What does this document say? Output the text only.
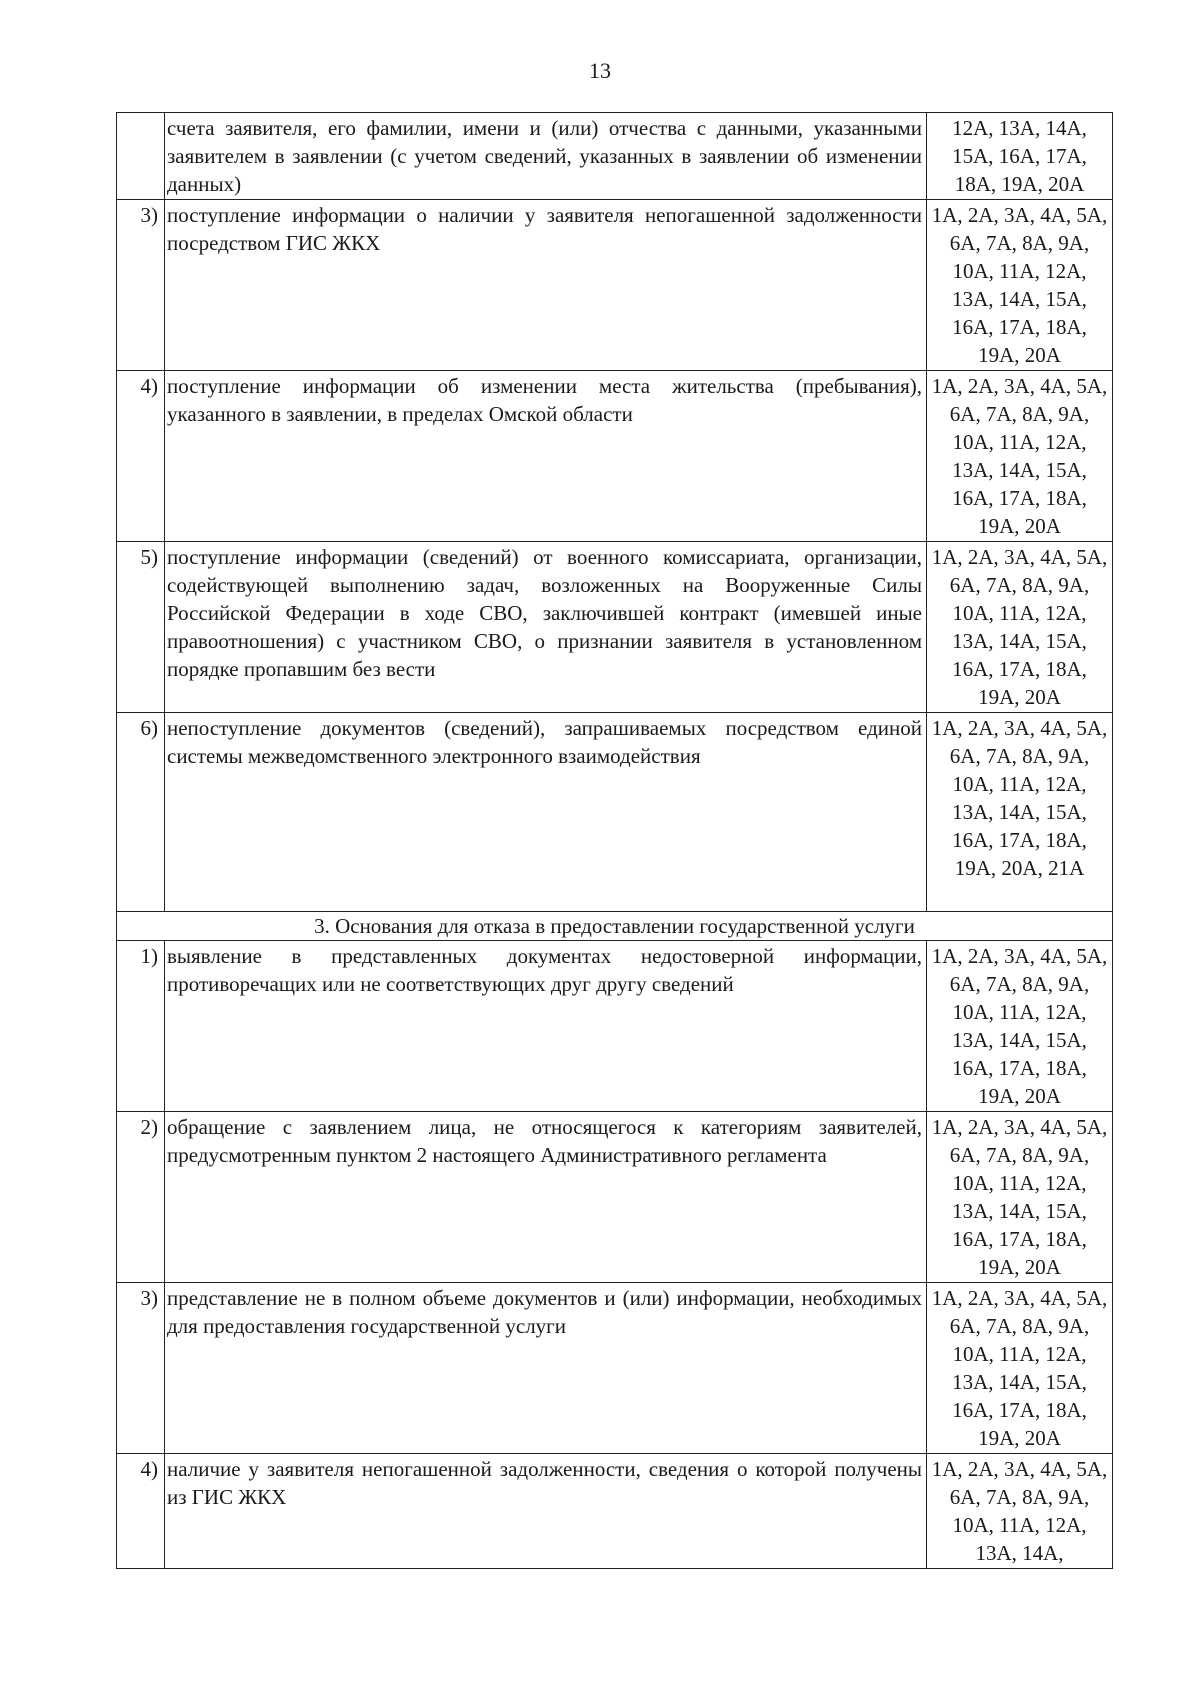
13
	счета заявителя, его фамилии, имени и (или) отчества с данными, указанными заявителем в заявлении (с учетом сведений, указанных в заявлении об изменении данных)	12А, 13А, 14А, 15А, 16А, 17А, 18А, 19А, 20А
3)	поступление информации о наличии у заявителя непогашенной задолженности посредством ГИС ЖКХ	1А, 2А, 3А, 4А, 5А, 6А, 7А, 8А, 9А, 10А, 11А, 12А, 13А, 14А, 15А, 16А, 17А, 18А, 19А, 20А
4)	поступление информации об изменении места жительства (пребывания), указанного в заявлении, в пределах Омской области	1А, 2А, 3А, 4А, 5А, 6А, 7А, 8А, 9А, 10А, 11А, 12А, 13А, 14А, 15А, 16А, 17А, 18А, 19А, 20А
5)	поступление информации (сведений) от военного комиссариата, организации, содействующей выполнению задач, возложенных на Вооруженные Силы Российской Федерации в ходе СВО, заключившей контракт (имевшей иные правоотношения) с участником СВО, о признании заявителя в установленном порядке пропавшим без вести	1А, 2А, 3А, 4А, 5А, 6А, 7А, 8А, 9А, 10А, 11А, 12А, 13А, 14А, 15А, 16А, 17А, 18А, 19А, 20А
6)	непоступление документов (сведений), запрашиваемых посредством единой системы межведомственного электронного взаимодействия	1А, 2А, 3А, 4А, 5А, 6А, 7А, 8А, 9А, 10А, 11А, 12А, 13А, 14А, 15А, 16А, 17А, 18А, 19А, 20А, 21А
3. Основания для отказа в предоставлении государственной услуги		
1)	выявление в представленных документах недостоверной информации, противоречащих или не соответствующих друг другу сведений	1А, 2А, 3А, 4А, 5А, 6А, 7А, 8А, 9А, 10А, 11А, 12А, 13А, 14А, 15А, 16А, 17А, 18А, 19А, 20А
2)	обращение с заявлением лица, не относящегося к категориям заявителей, предусмотренным пунктом 2 настоящего Административного регламента	1А, 2А, 3А, 4А, 5А, 6А, 7А, 8А, 9А, 10А, 11А, 12А, 13А, 14А, 15А, 16А, 17А, 18А, 19А, 20А
3)	представление не в полном объеме документов и (или) информации, необходимых для предоставления государственной услуги	1А, 2А, 3А, 4А, 5А, 6А, 7А, 8А, 9А, 10А, 11А, 12А, 13А, 14А, 15А, 16А, 17А, 18А, 19А, 20А
4)	наличие у заявителя непогашенной задолженности, сведения о которой получены из ГИС ЖКХ	1А, 2А, 3А, 4А, 5А, 6А, 7А, 8А, 9А, 10А, 11А, 12А, 13А, 14А,
